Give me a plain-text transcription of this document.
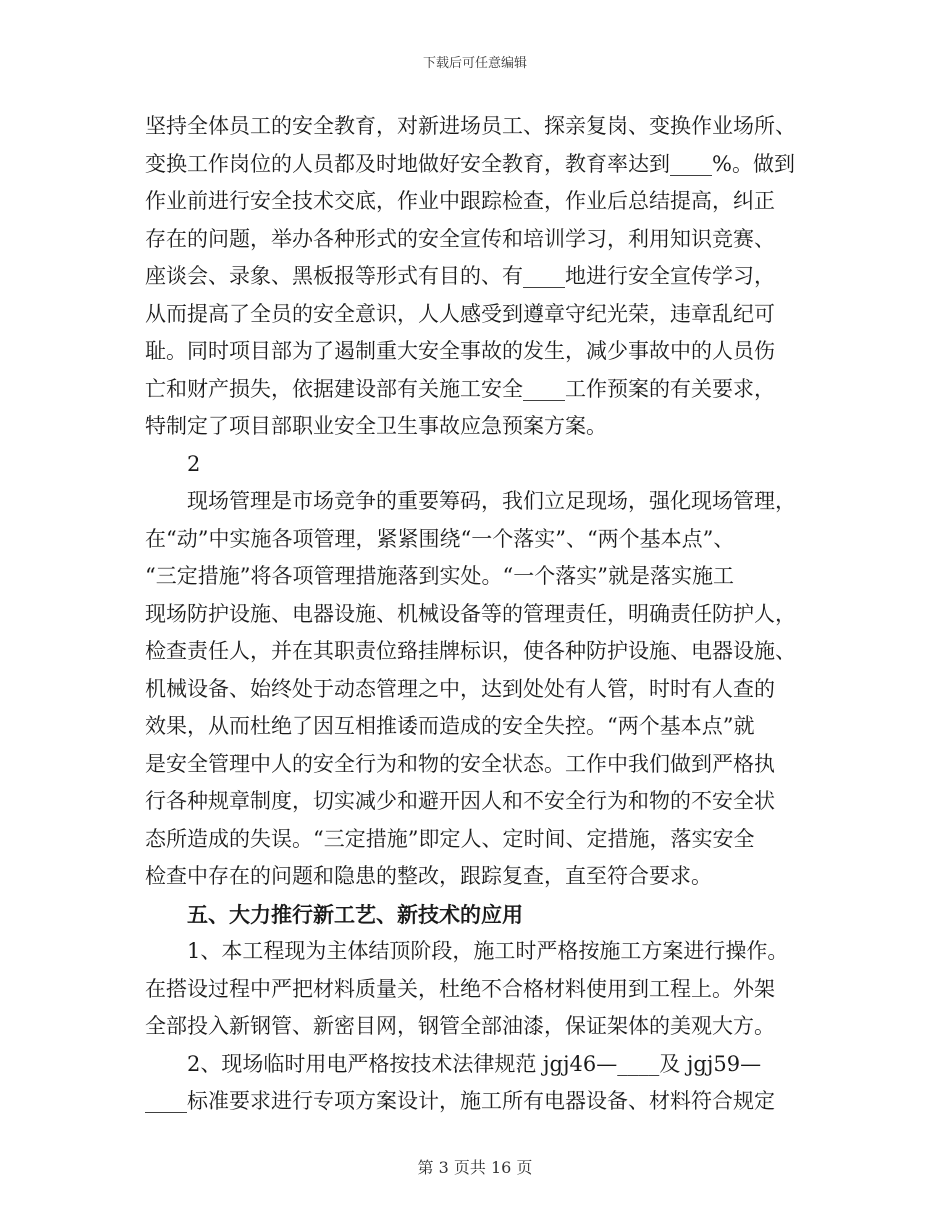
下载后可任意编辑
坚持全体员工的安全教育，对新进场员工、探亲复岗、变换作业场所、
变换工作岗位的人员都及时地做好安全教育，教育率达到____%。做到
作业前进行安全技术交底，作业中跟踪检查，作业后总结提高，纠正
存在的问题，举办各种形式的安全宣传和培训学习，利用知识竞赛、
座谈会、录象、黑板报等形式有目的、有____地进行安全宣传学习，
从而提高了全员的安全意识，人人感受到遵章守纪光荣，违章乱纪可
耻。同时项目部为了遏制重大安全事故的发生，减少事故中的人员伤
亡和财产损失，依据建设部有关施工安全____工作预案的有关要求，
特制定了项目部职业安全卫生事故应急预案方案。
2
现场管理是市场竞争的重要筹码，我们立足现场，强化现场管理，
在“动”中实施各项管理，紧紧围绕“一个落实”、“两个基本点”、
“三定措施”将各项管理措施落到实处。“一个落实”就是落实施工
现场防护设施、电器设施、机械设备等的管理责任，明确责任防护人，
检查责任人，并在其职责位臵挂牌标识，使各种防护设施、电器设施、
机械设备、始终处于动态管理之中，达到处处有人管，时时有人查的
效果，从而杜绝了因互相推诿而造成的安全失控。“两个基本点”就
是安全管理中人的安全行为和物的安全状态。工作中我们做到严格执
行各种规章制度，切实减少和避开因人和不安全行为和物的不安全状
态所造成的失误。“三定措施”即定人、定时间、定措施，落实安全
检查中存在的问题和隐患的整改，跟踪复查，直至符合要求。
五、大力推行新工艺、新技术的应用
1、本工程现为主体结顶阶段，施工时严格按施工方案进行操作。
在搭设过程中严把材料质量关，杜绝不合格材料使用到工程上。外架
全部投入新钢管、新密目网，钢管全部油漆，保证架体的美观大方。
2、现场临时用电严格按技术法律规范 jgj46—____及 jgj59—
____标准要求进行专项方案设计，施工所有电器设备、材料符合规定
第 3 页共 16 页
